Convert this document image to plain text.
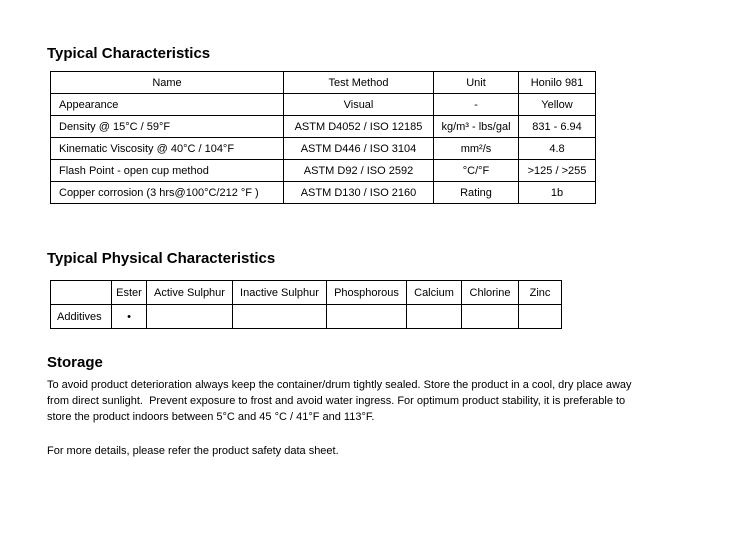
Typical Characteristics
Name	Test Method	Unit	Honilo 981
Appearance	Visual	-	Yellow
Density @ 15°C / 59°F	ASTM D4052 / ISO 12185	kg/m³ - lbs/gal	831 - 6.94
Kinematic Viscosity @ 40°C / 104°F	ASTM D446 / ISO 3104	mm²/s	4.8
Flash Point - open cup method	ASTM D92 / ISO 2592	°C/°F	>125 / >255
Copper corrosion (3 hrs@100°C/212 °F )	ASTM D130 / ISO 2160	Rating	1b
Typical Physical Characteristics
	Ester	Active Sulphur	Inactive Sulphur	Phosphorous	Calcium	Chlorine	Zinc
Additives	•						
Storage
To avoid product deterioration always keep the container/drum tightly sealed. Store the product in a cool, dry place away
from direct sunlight.  Prevent exposure to frost and avoid water ingress. For optimum product stability, it is preferable to
store the product indoors between 5°C and 45 °C / 41°F and 113°F.
For more details, please refer the product safety data sheet.
